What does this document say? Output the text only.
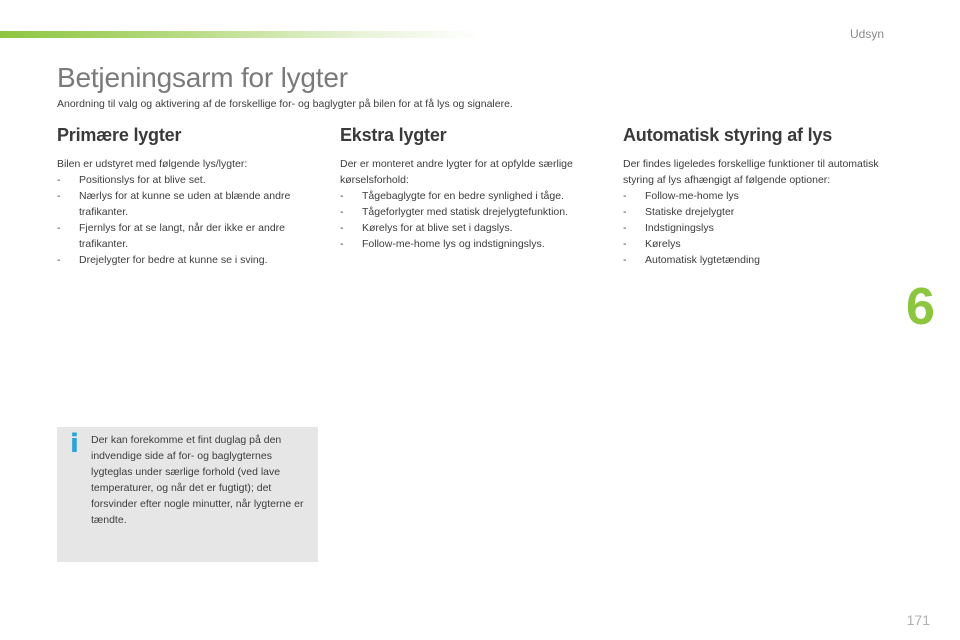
Udsyn
Betjeningsarm for lygter
Anordning til valg og aktivering af de forskellige for- og baglygter på bilen for at få lys og signalere.
Primære lygter

Bilen er udstyret med følgende lys/lygter:

- Positionslys for at blive set.
- Nærlys for at kunne se uden at blænde andre trafikanter.
- Fjernlys for at se langt, når der ikke er andre trafikanter.
- Drejelygter for bedre at kunne se i sving.
Ekstra lygter

Der er monteret andre lygter for at opfylde særlige kørselsforhold:

- Tågebaglygte for en bedre synlighed i tåge.
- Tågeforlygter med statisk drejelygtefunktion.
- Kørelys for at blive set i dagslys.
- Follow-me-home lys og indstigningslys.
Automatisk styring af lys

Der findes ligeledes forskellige funktioner til automatisk styring af lys afhængigt af følgende optioner:

- Follow-me-home lys
- Statiske drejelygter
- Indstigningslys
- Kørelys
- Automatisk lygtetænding
i Der kan forekomme et fint duglag på den indvendige side af for- og baglygternes lygteglas under særlige forhold (ved lave temperaturer, og når det er fugtigt); det forsvinder efter nogle minutter, når lygterne er tændte.
6
171
